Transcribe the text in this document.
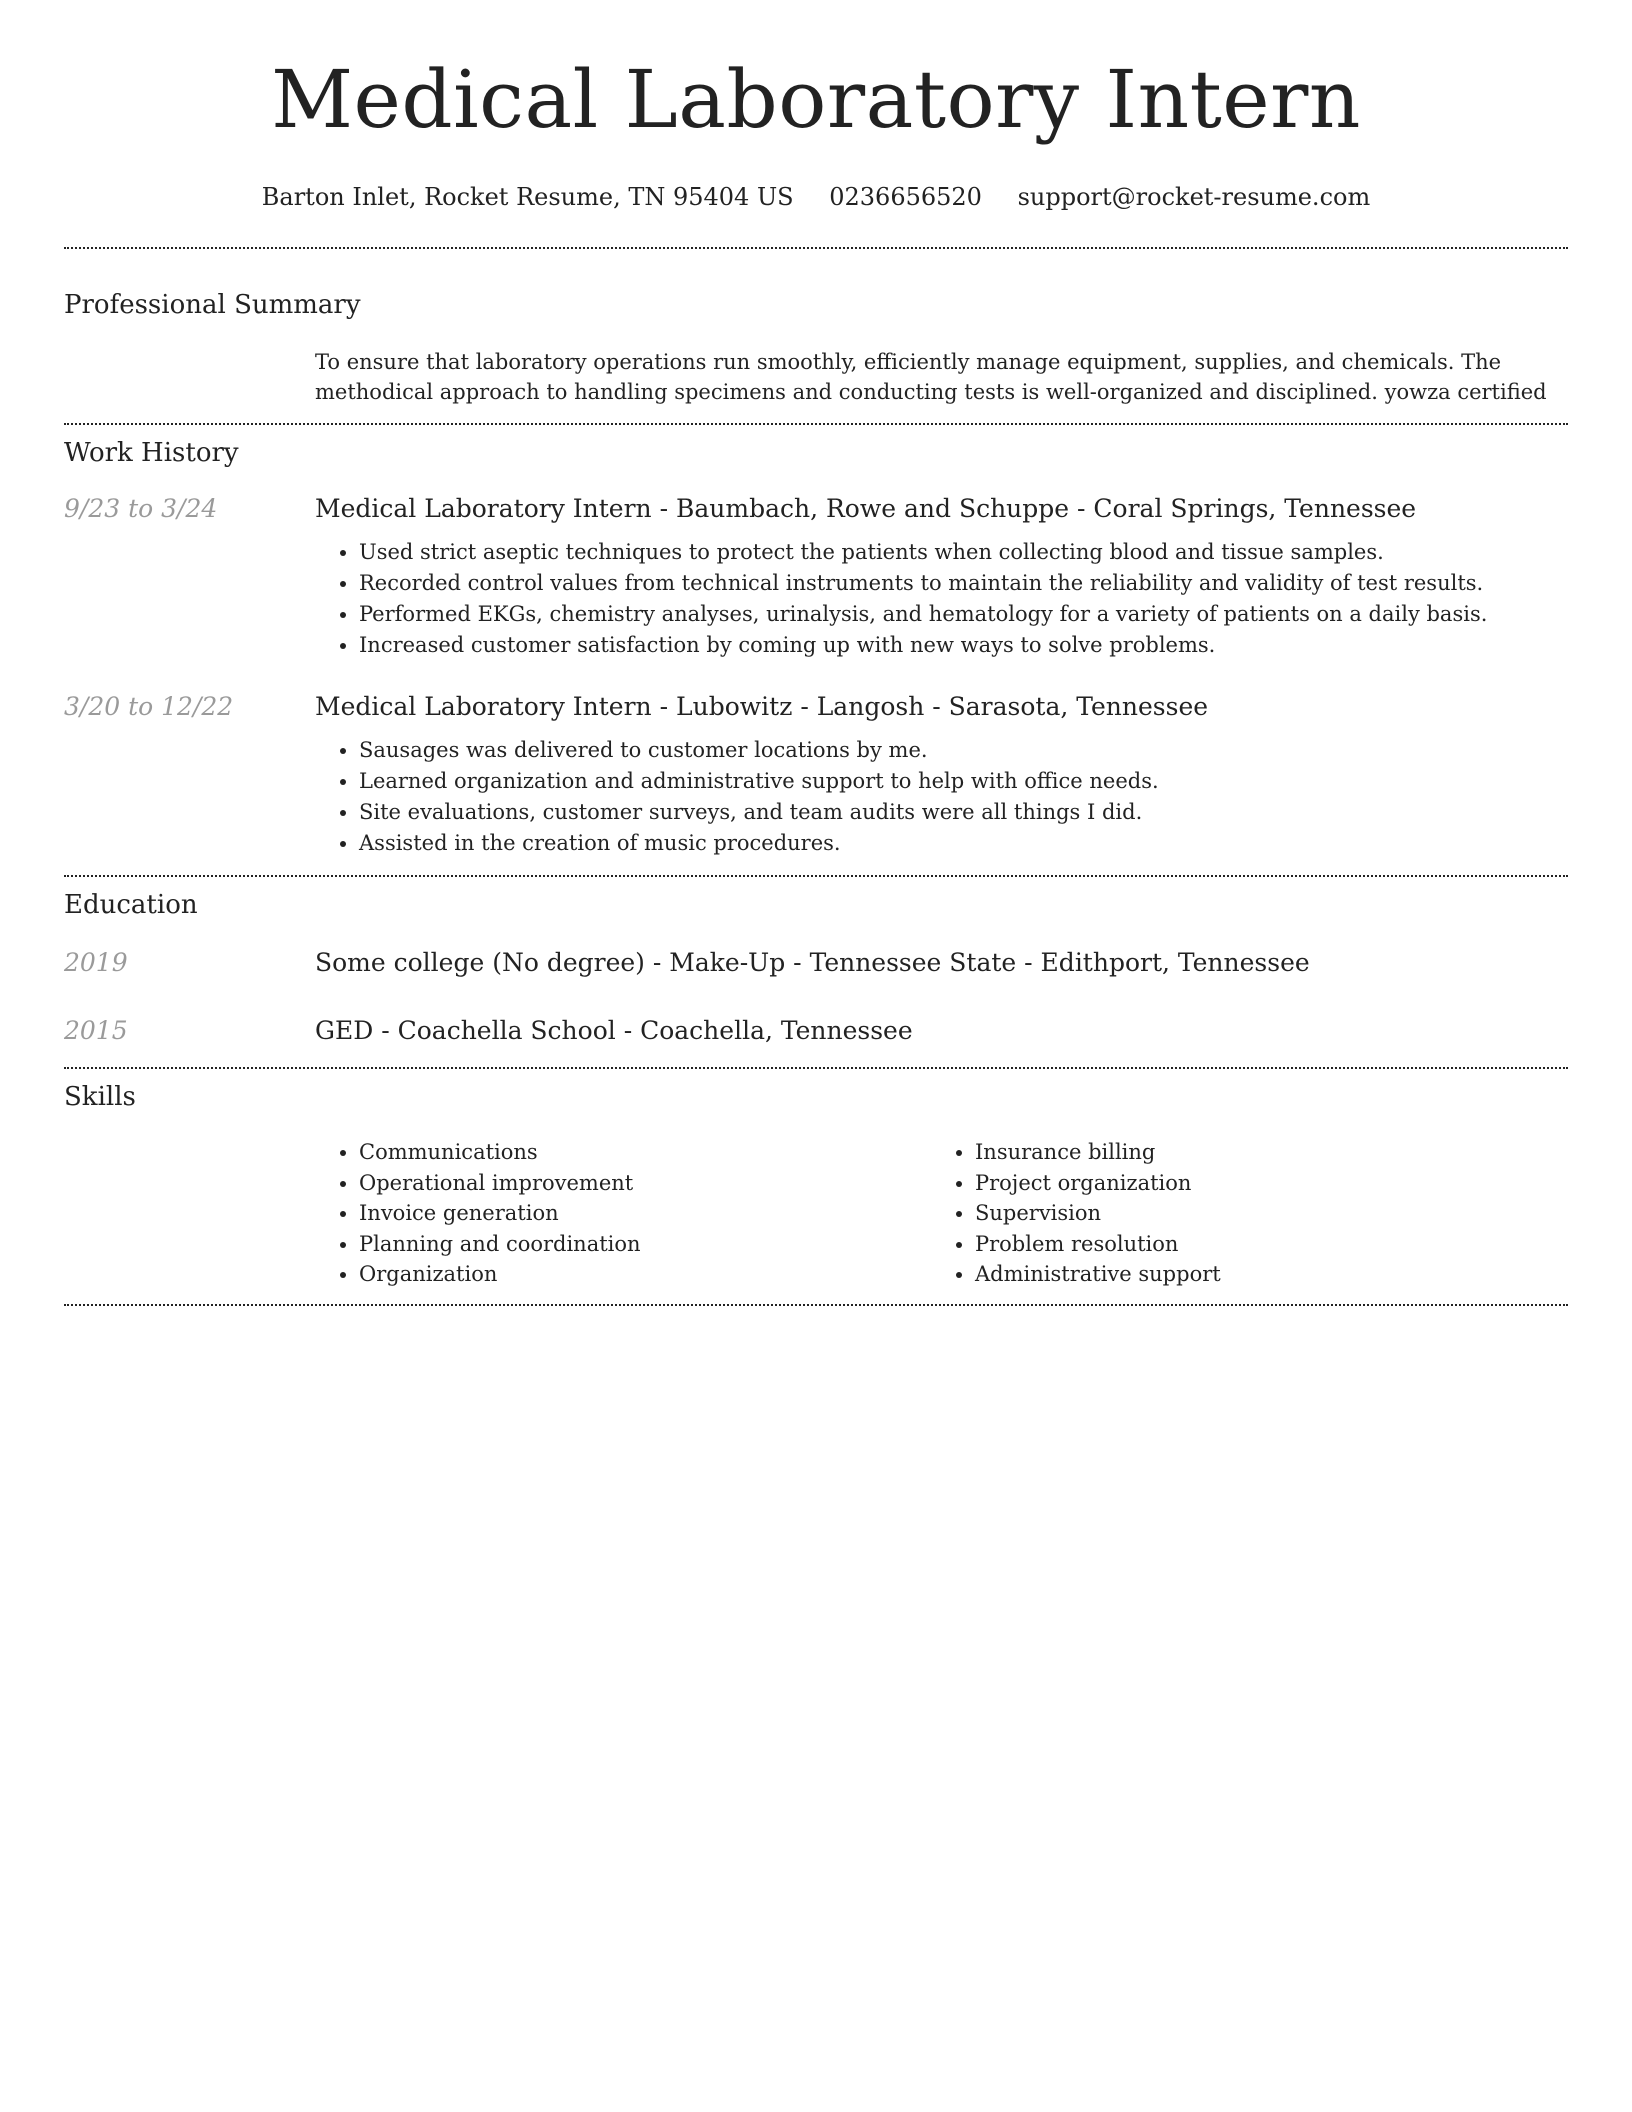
Medical Laboratory Intern
Barton Inlet, Rocket Resume, TN 95404 US 0236656520 support@rocket-resume.com
Professional Summary

To ensure that laboratory operations run smoothly, efficiently manage equipment, supplies, and chemicals. The methodical approach to handling specimens and conducting tests is well-organized and disciplined. yowza certified

Work History
9/23 to 3/24	Medical Laboratory Intern - Baumbach, Rowe and Schuppe - Coral Springs, Tennessee
• Used strict aseptic techniques to protect the patients when collecting blood and tissue samples.
• Recorded control values from technical instruments to maintain the reliability and validity of test results.
• Performed EKGs, chemistry analyses, urinalysis, and hematology for a variety of patients on a daily basis.
• Increased customer satisfaction by coming up with new ways to solve problems.
3/20 to 12/22	Medical Laboratory Intern - Lubowitz - Langosh - Sarasota, Tennessee
• Sausages was delivered to customer locations by me.
• Learned organization and administrative support to help with office needs.
• Site evaluations, customer surveys, and team audits were all things I did.
• Assisted in the creation of music procedures.
Education
2019	Some college (No degree) - Make-Up - Tennessee State - Edithport, Tennessee
2015	GED - Coachella School - Coachella, Tennessee
Skills
• Communications
• Operational improvement
• Invoice generation
• Planning and coordination
• Organization
• Insurance billing
• Project organization
• Supervision
• Problem resolution
• Administrative support
